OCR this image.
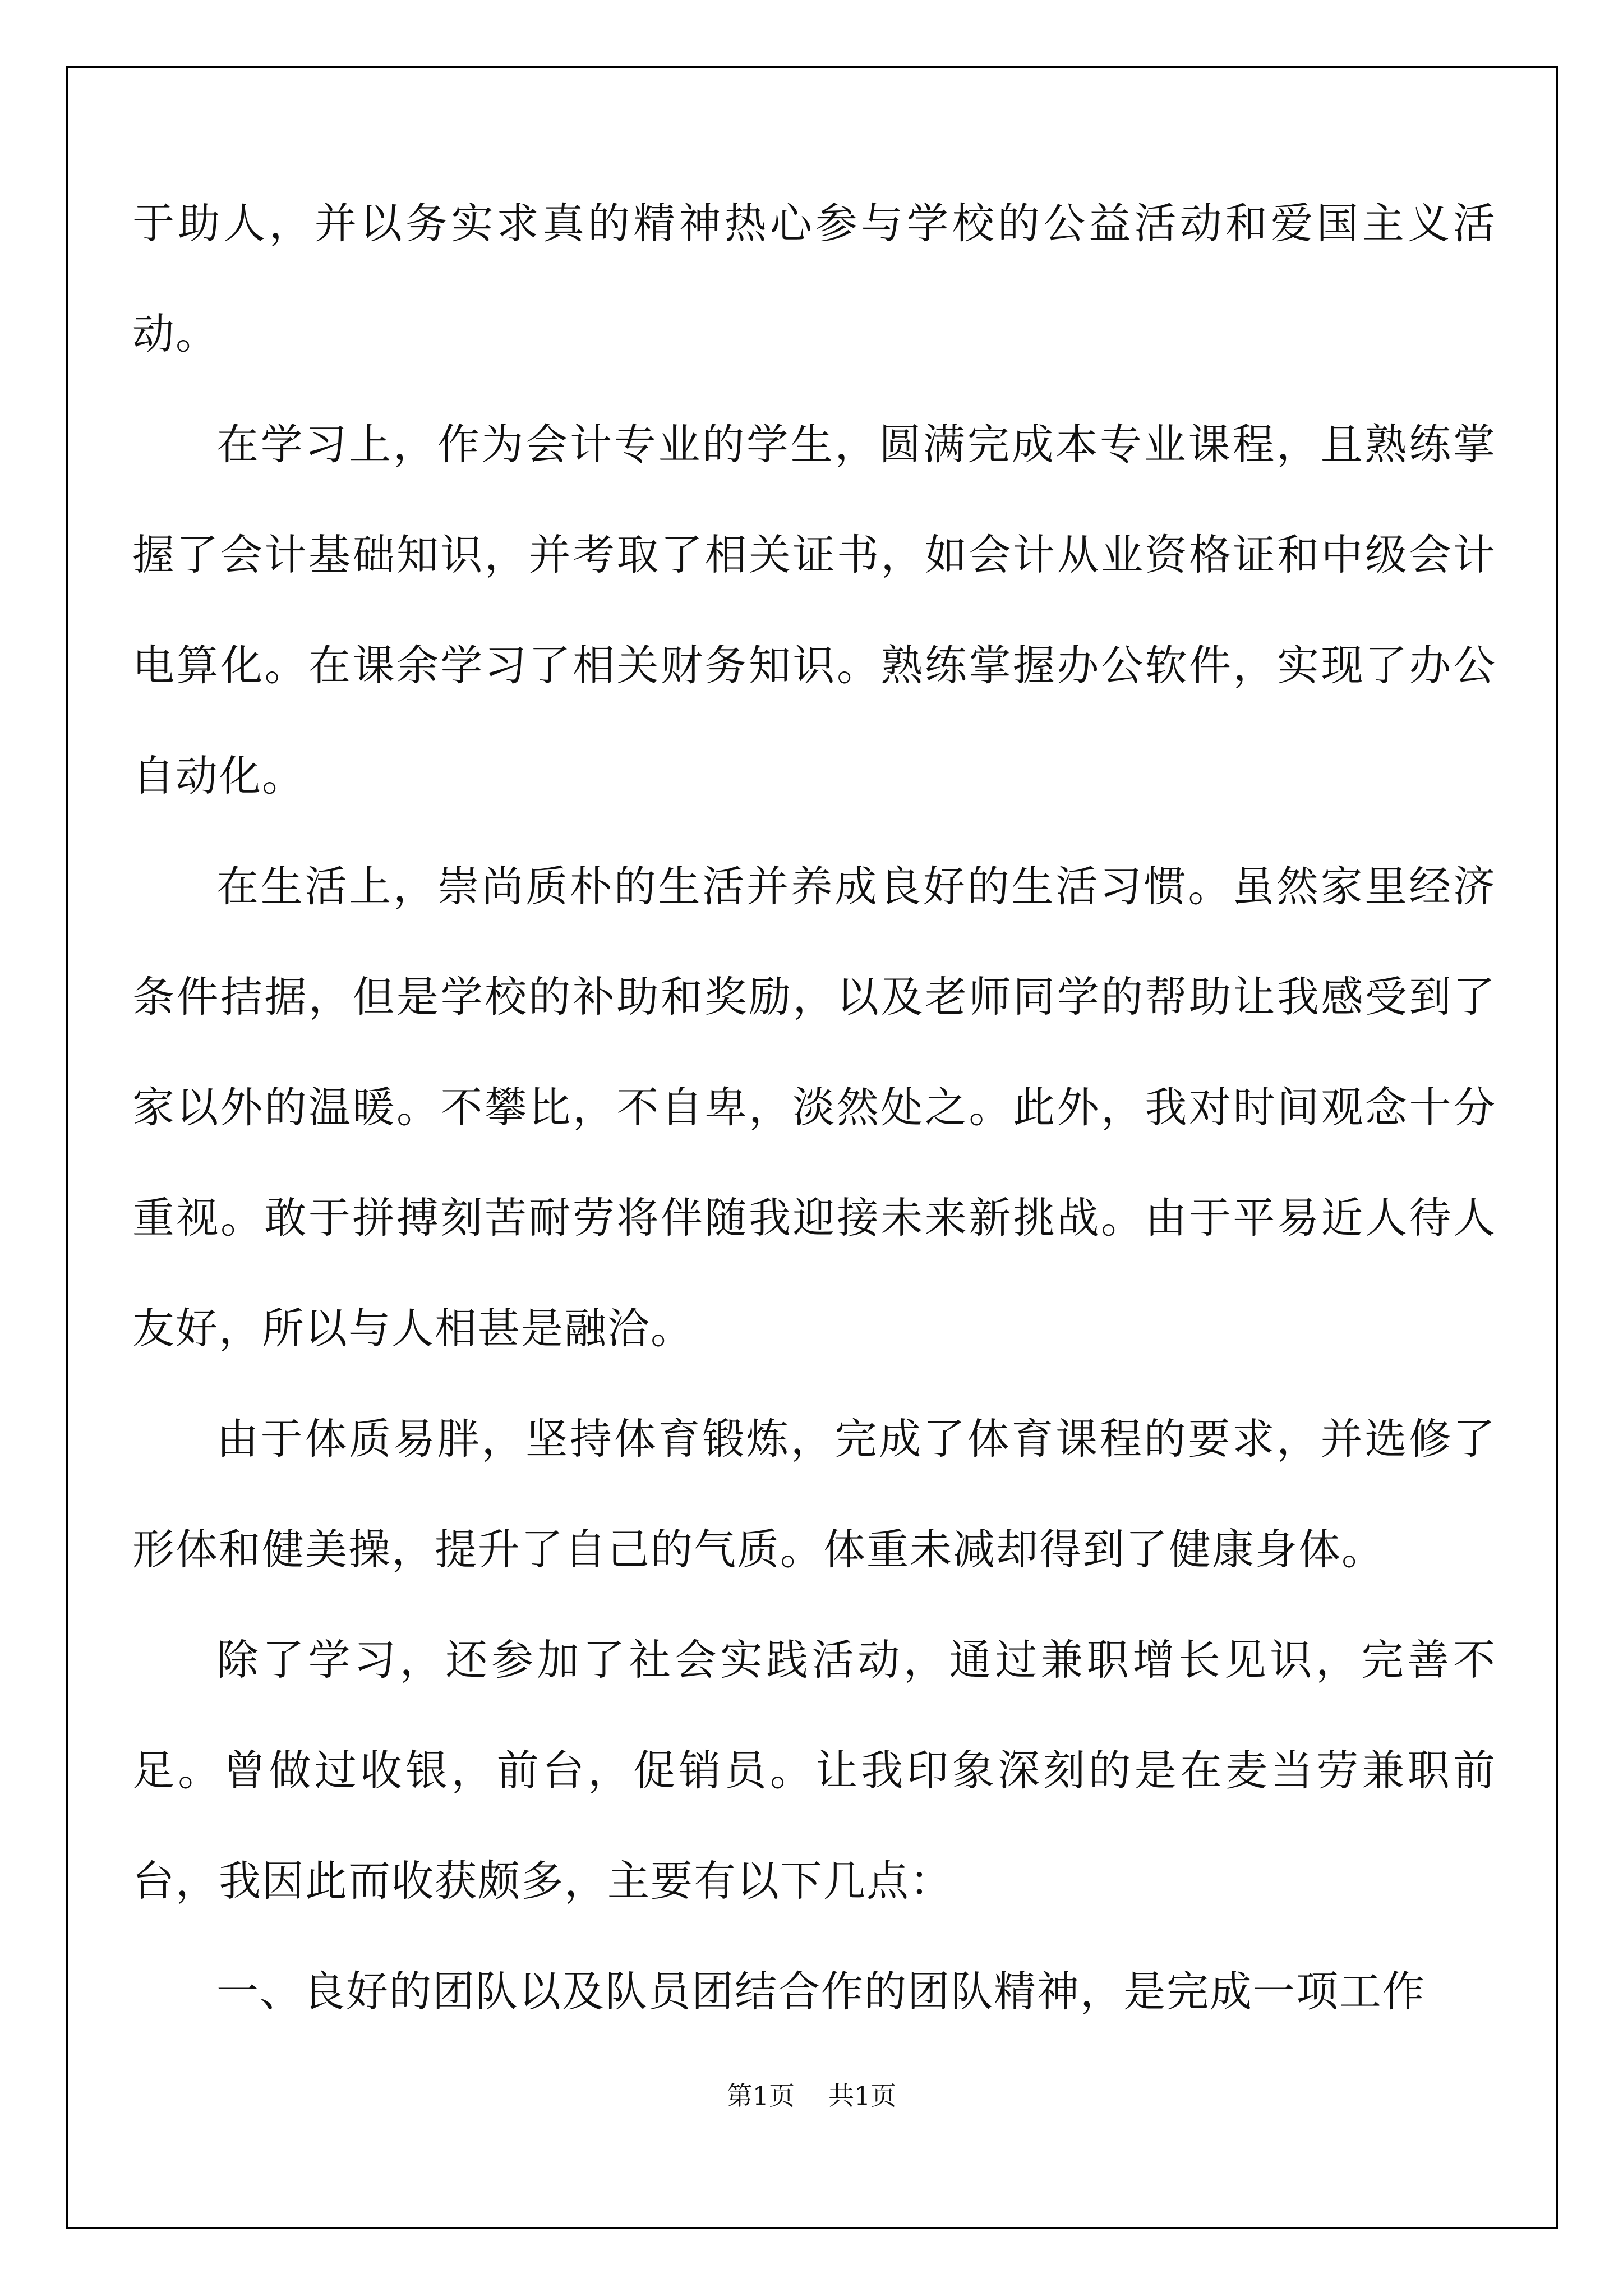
于助人，并以务实求真的精神热心参与学校的公益活动和爱国主义活动。

在学习上，作为会计专业的学生，圆满完成本专业课程，且熟练掌握了会计基础知识，并考取了相关证书，如会计从业资格证和中级会计电算化。在课余学习了相关财务知识。熟练掌握办公软件，实现了办公自动化。

在生活上，崇尚质朴的生活并养成良好的生活习惯。虽然家里经济条件拮据，但是学校的补助和奖励，以及老师同学的帮助让我感受到了家以外的温暖。不攀比，不自卑，淡然处之。此外，我对时间观念十分重视。敢于拼搏刻苦耐劳将伴随我迎接未来新挑战。由于平易近人待人友好，所以与人相甚是融洽。

由于体质易胖，坚持体育锻炼，完成了体育课程的要求，并选修了形体和健美操，提升了自己的气质。体重未减却得到了健康身体。

除了学习，还参加了社会实践活动，通过兼职增长见识，完善不足。曾做过收银，前台，促销员。让我印象深刻的是在麦当劳兼职前台，我因此而收获颇多，主要有以下几点：

一、良好的团队以及队员团结合作的团队精神，是完成一项工作

第1页 共1页
